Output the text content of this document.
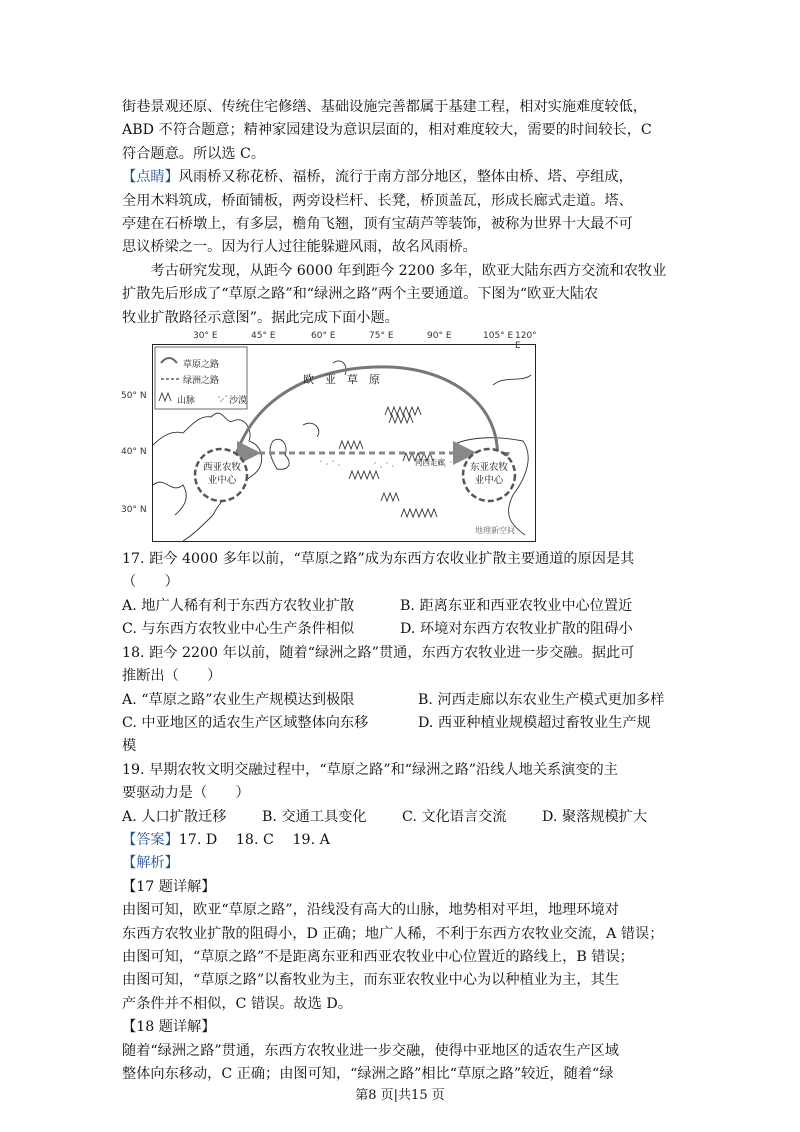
街巷景观还原、传统住宅修缮、基础设施完善都属于基建工程，相对实施难度较低，

ABD 不符合题意；精神家园建设为意识层面的，相对难度较大，需要的时间较长，C

符合题意。所以选 C。

【点睛】风雨桥又称花桥、福桥，流行于南方部分地区，整体由桥、塔、亭组成，

全用木料筑成，桥面铺板，两旁设栏杆、长凳，桥顶盖瓦，形成长廊式走道。塔、

亭建在石桥墩上，有多层，檐角飞翘，顶有宝葫芦等装饰，被称为世界十大最不可

思议桥梁之一。因为行人过往能躲避风雨，故名风雨桥。

考古研究发现，从距今 6000 年到距今 2200 多年，欧亚大陆东西方交流和农牧业

扩散先后形成了“草原之路”和“绿洲之路”两个主要通道。下图为“欧亚大陆农

牧业扩散路径示意图”。据此完成下面小题。

30° E	45° E	60° E	75° E	90° E	105° E 120° E
50° N
40° N
30° N
草原之路
绿洲之路
山脉	沙漠
欧　亚　草　原
西亚农牧
业中心
东亚农牧
业中心
河西走廊
地理新空间

17. 距今 4000 多年以前，“草原之路”成为东西方农收业扩散主要通道的原因是其

（　　）

A. 地广人稀有利于东西方农牧业扩散	B. 距离东亚和西亚农牧业中心位置近
C. 与东西方农牧业中心生产条件相似	D. 环境对东西方农牧业扩散的阻碍小

18. 距今 2200 年以前，随着“绿洲之路”贯通，东西方农牧业进一步交融。据此可

推断出（　　）

A. “草原之路”农业生产规模达到极限	B. 河西走廊以东农业生产模式更加多样
C. 中亚地区的适农生产区域整体向东移	D. 西亚种植业规模超过畜牧业生产规

模

19. 早期农牧文明交融过程中，“草原之路”和“绿洲之路”沿线人地关系演变的主

要驱动力是（　　）

A. 人口扩散迁移	B. 交通工具变化	C. 文化语言交流	D. 聚落规模扩大

【答案】17. D　 18. C　 19. A

【解析】

【17 题详解】

由图可知，欧亚“草原之路”，沿线没有高大的山脉，地势相对平坦，地理环境对

东西方农牧业扩散的阻碍小，D 正确；地广人稀，不利于东西方农牧业交流，A 错误；

由图可知，“草原之路”不是距离东亚和西亚农牧业中心位置近的路线上，B 错误；

由图可知，“草原之路”以畜牧业为主，而东亚农牧业中心为以种植业为主，其生

产条件并不相似，C 错误。故选 D。

【18 题详解】

随着“绿洲之路”贯通，东西方农牧业进一步交融，使得中亚地区的适农生产区域

整体向东移动，C 正确；由图可知，“绿洲之路”相比“草原之路”较近，随着“绿

第8 页|共15 页
